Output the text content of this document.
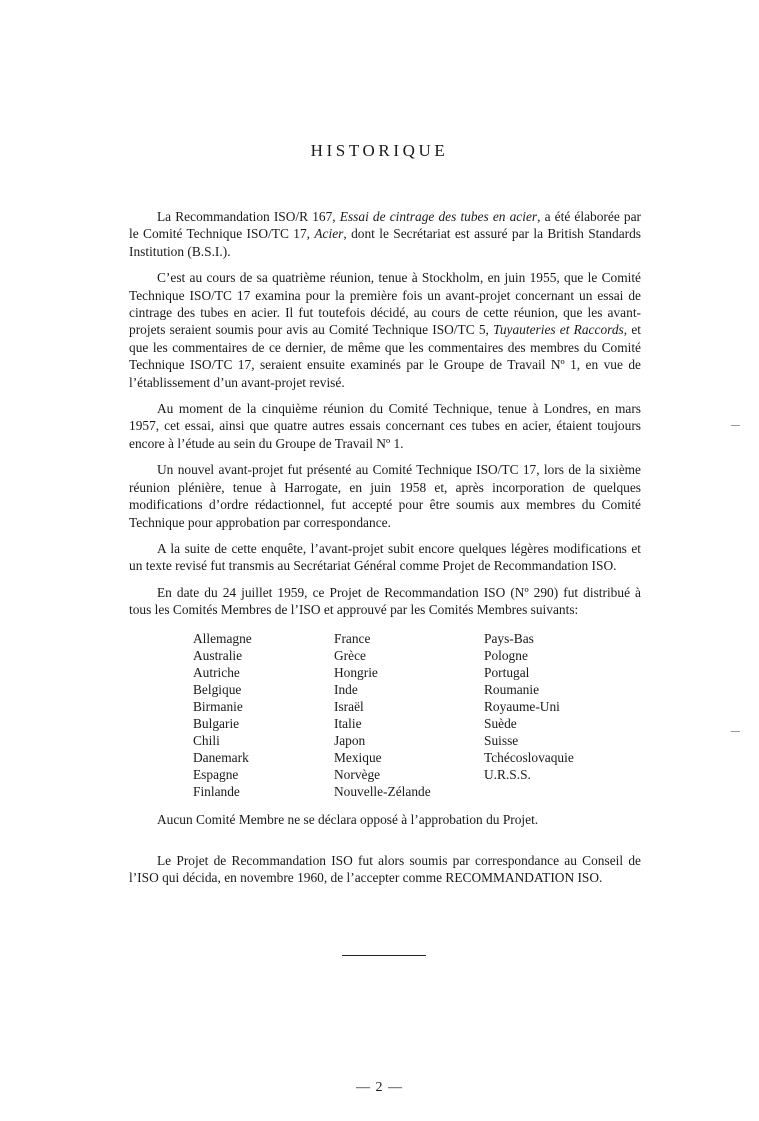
HISTORIQUE

La Recommandation ISO/R 167, Essai de cintrage des tubes en acier, a été élaborée par le Comité Technique ISO/TC 17, Acier, dont le Secrétariat est assuré par la British Standards Institution (B.S.I.).

C’est au cours de sa quatrième réunion, tenue à Stockholm, en juin 1955, que le Comité Technique ISO/TC 17 examina pour la première fois un avant-projet concernant un essai de cintrage des tubes en acier. Il fut toutefois décidé, au cours de cette réunion, que les avant-projets seraient soumis pour avis au Comité Technique ISO/TC 5, Tuyauteries et Raccords, et que les commentaires de ce dernier, de même que les commentaires des membres du Comité Technique ISO/TC 17, seraient ensuite examinés par le Groupe de Travail Nº 1, en vue de l’établissement d’un avant-projet revisé.

Au moment de la cinquième réunion du Comité Technique, tenue à Londres, en mars 1957, cet essai, ainsi que quatre autres essais concernant ces tubes en acier, étaient toujours encore à l’étude au sein du Groupe de Travail Nº 1.

Un nouvel avant-projet fut présenté au Comité Technique ISO/TC 17, lors de la sixième réunion plénière, tenue à Harrogate, en juin 1958 et, après incorporation de quelques modifications d’ordre rédactionnel, fut accepté pour être soumis aux membres du Comité Technique pour approbation par correspondance.

A la suite de cette enquête, l’avant-projet subit encore quelques légères modifications et un texte revisé fut transmis au Secrétariat Général comme Projet de Recommandation ISO.

En date du 24 juillet 1959, ce Projet de Recommandation ISO (Nº 290) fut distribué à tous les Comités Membres de l’ISO et approuvé par les Comités Membres suivants:

Allemagne
Australie
Autriche
Belgique
Birmanie
Bulgarie
Chili
Danemark
Espagne
Finlande
France
Grèce
Hongrie
Inde
Israël
Italie
Japon
Mexique
Norvège
Nouvelle-Zélande
Pays-Bas
Pologne
Portugal
Roumanie
Royaume-Uni
Suède
Suisse
Tchécoslovaquie
U.R.S.S.

Aucun Comité Membre ne se déclara opposé à l’approbation du Projet.

Le Projet de Recommandation ISO fut alors soumis par correspondance au Conseil de l’ISO qui décida, en novembre 1960, de l’accepter comme RECOMMANDATION ISO.

— 2 —
